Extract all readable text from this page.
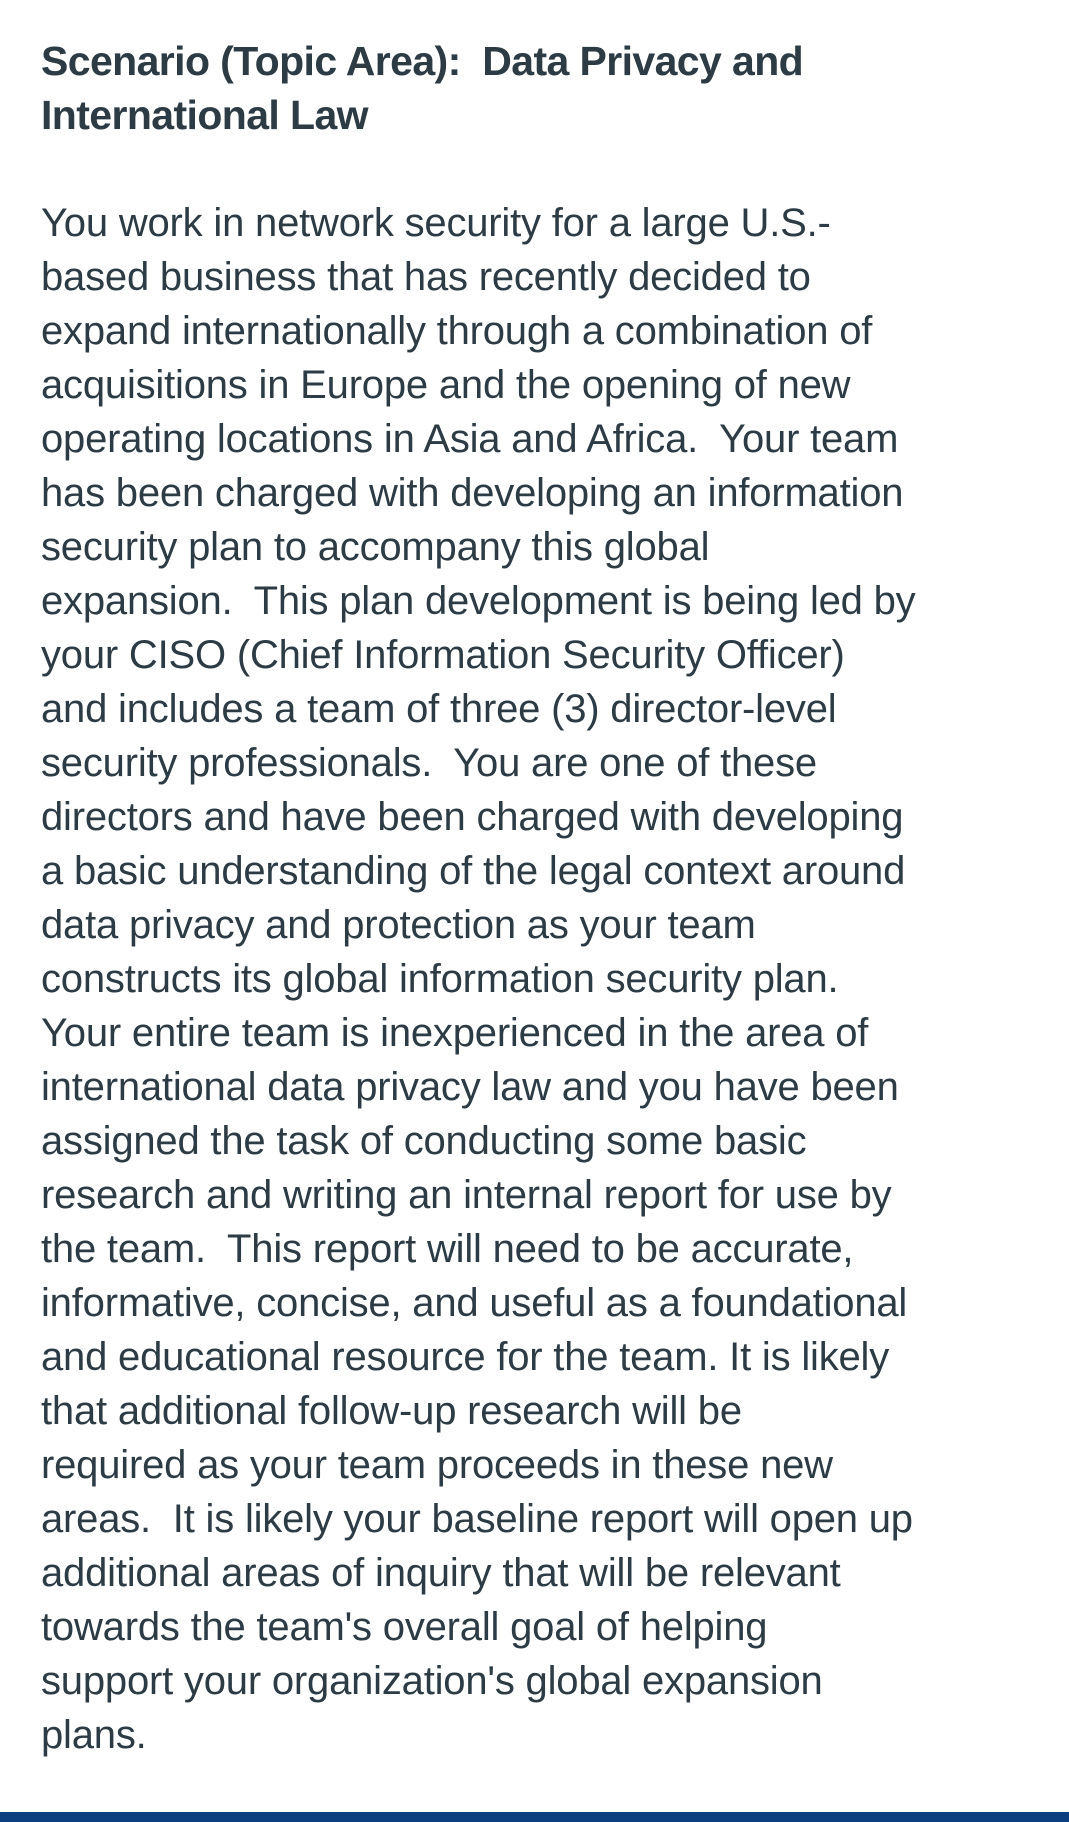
Scenario (Topic Area):  Data Privacy and
International Law

You work in network security for a large U.S.-
based business that has recently decided to
expand internationally through a combination of
acquisitions in Europe and the opening of new
operating locations in Asia and Africa.  Your team
has been charged with developing an information
security plan to accompany this global
expansion.  This plan development is being led by
your CISO (Chief Information Security Officer)
and includes a team of three (3) director-level
security professionals.  You are one of these
directors and have been charged with developing
a basic understanding of the legal context around
data privacy and protection as your team
constructs its global information security plan.
Your entire team is inexperienced in the area of
international data privacy law and you have been
assigned the task of conducting some basic
research and writing an internal report for use by
the team.  This report will need to be accurate,
informative, concise, and useful as a foundational
and educational resource for the team. It is likely
that additional follow-up research will be
required as your team proceeds in these new
areas.  It is likely your baseline report will open up
additional areas of inquiry that will be relevant
towards the team's overall goal of helping
support your organization's global expansion
plans.
